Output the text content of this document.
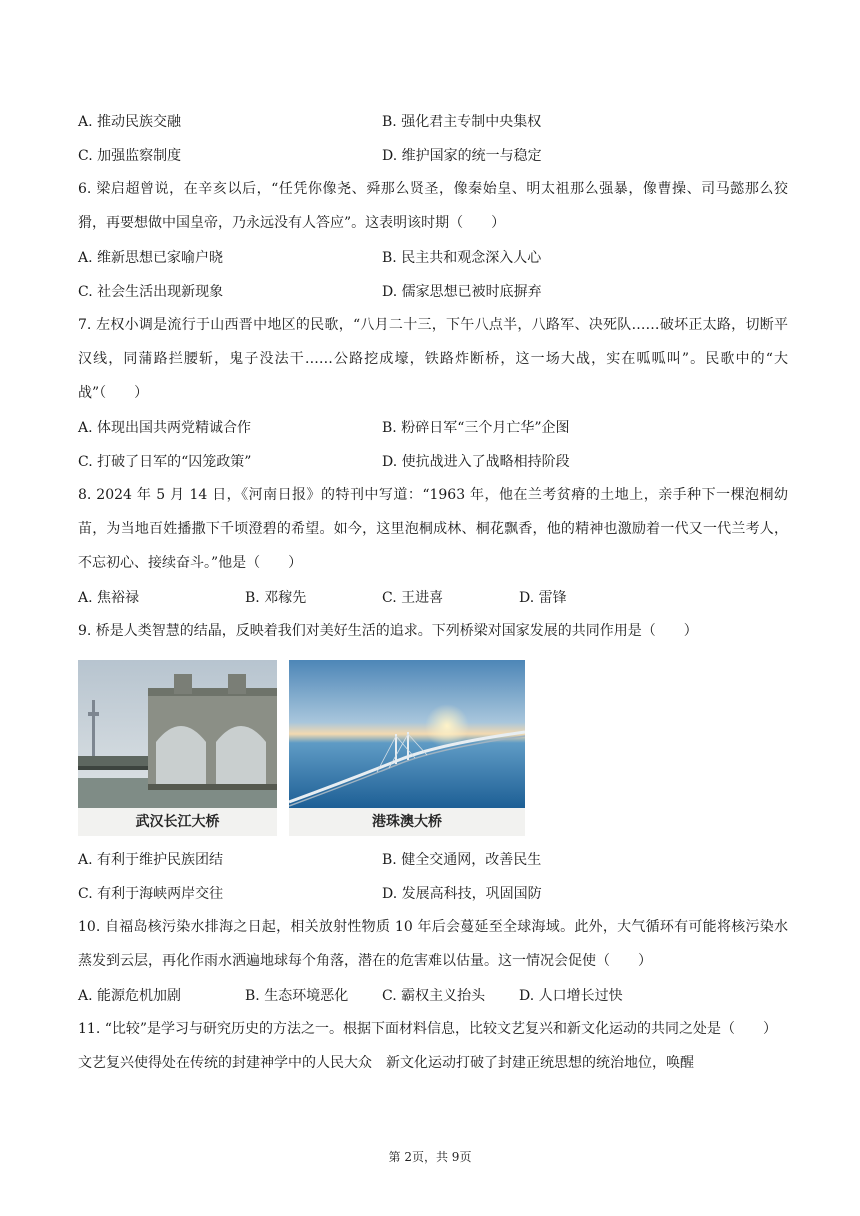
A. 推动民族交融	B. 强化君主专制中央集权
C. 加强监察制度	D. 维护国家的统一与稳定

6. 梁启超曾说，在辛亥以后，“任凭你像尧、舜那么贤圣，像秦始皇、明太祖那么强暴，像曹操、司马懿那么狡猾，再要想做中国皇帝，乃永远没有人答应”。这表明该时期（　　）

A. 维新思想已家喻户晓	B. 民主共和观念深入人心
C. 社会生活出现新现象	D. 儒家思想已被时底摒弃

7. 左权小调是流行于山西晋中地区的民歌，“八月二十三，下午八点半，八路军、决死队……破坏正太路，切断平汉线，同蒲路拦腰斩，鬼子没法干……公路挖成壕，铁路炸断桥，这一场大战，实在呱呱叫”。民歌中的“大战”（　　）

A. 体现出国共两党精诚合作	B. 粉碎日军“三个月亡华”企图
C. 打破了日军的“囚笼政策”	D. 使抗战进入了战略相持阶段

8. 2024 年 5 月 14 日，《河南日报》的特刊中写道：“1963 年，他在兰考贫瘠的土地上，亲手种下一棵泡桐幼苗，为当地百姓播撒下千顷澄碧的希望。如今，这里泡桐成林、桐花飘香，他的精神也激励着一代又一代兰考人，不忘初心、接续奋斗。”他是（　　）

A. 焦裕禄	B. 邓稼先	C. 王进喜	D. 雷锋

9. 桥是人类智慧的结晶，反映着我们对美好生活的追求。下列桥梁对国家发展的共同作用是（　　）

武汉长江大桥	港珠澳大桥
A. 有利于维护民族团结	B. 健全交通网，改善民生
C. 有利于海峡两岸交往	D. 发展高科技，巩固国防

10. 自福岛核污染水排海之日起，相关放射性物质 10 年后会蔓延至全球海域。此外，大气循环有可能将核污染水蒸发到云层，再化作雨水洒遍地球每个角落，潜在的危害难以估量。这一情况会促使（　　）

A. 能源危机加剧	B. 生态环境恶化	C. 霸权主义抬头	D. 人口增长过快

11. “比较”是学习与研究历史的方法之一。根据下面材料信息，比较文艺复兴和新文化运动的共同之处是（　　）

文艺复兴使得处在传统的封建神学中的人民大众　新文化运动打破了封建正统思想的统治地位，唤醒

第 2页，共 9页
